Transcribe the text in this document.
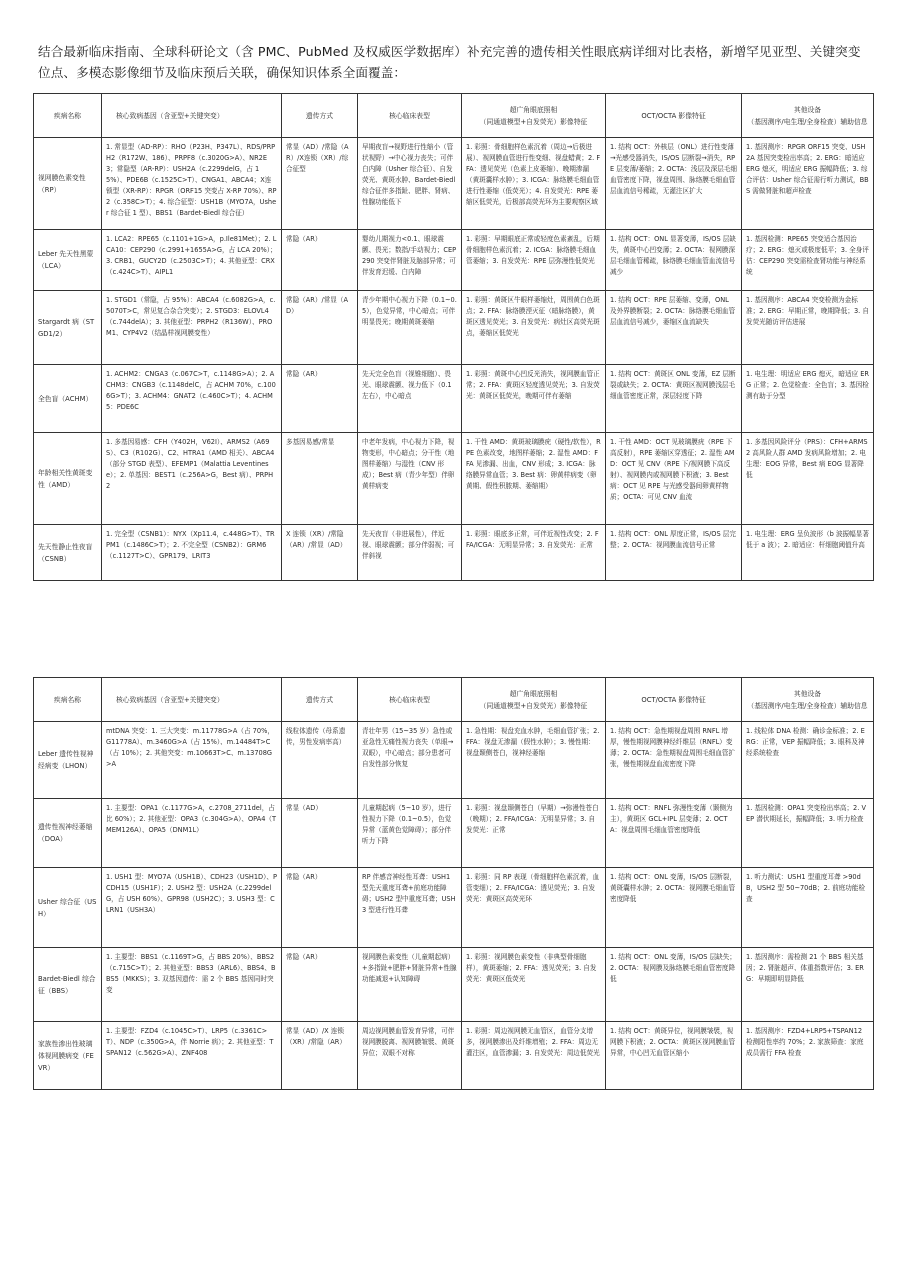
结合最新临床指南、全球科研论文（含 PMC、PubMed 及权威医学数据库）补充完善的遗传相关性眼底病详细对比表格，新增罕见亚型、关键突变位点、多模态影像细节及临床预后关联，确保知识体系全面覆盖：
疾病名称	核心致病基因（含亚型+关键突变）	遗传方式	核心临床表型	超广角眼底照相
（同通道模型+自发荧光）影像特征	OCT/OCTA 影像特征	其他设备
（基因测序/电生理/全身检查）辅助信息

视网膜色素变性（RP）	1. 常显型（AD-RP）：RHO（P23H、P347L）、RDS/PRPH2（R172W、186）、PRPF8（c.3020G>A）、NR2E3；常隐型（AR-RP）：USH2A（c.2299delG，占 15%）、PDE6B（c.1525C>T）、CNGA1、ABCA4；X连锁型（XR-RP）：RPGR（ORF15 突变占 X-RP 70%）、RP2（c.358C>T）；4. 综合征型：USH1B（MYO7A，Usher 综合征 1 型）、BBS1（Bardet-Biedl 综合征）	常显（AD）/常隐（AR）/X连锁（XR）/综合征型	早期夜盲→视野进行性缩小（管状视野）→中心视力丧失；可伴白内障（Usher 综合征）、自发荧光、黄斑水肿、Bardet-Biedl 综合征伴多指趾、肥胖、肾病、性腺功能低下	1. 彩照：骨细胞样色素沉着（周边→后极进展）、视网膜血管进行性变细、视盘蜡黄；2. FFA：透见荧光（色素上皮萎缩）、晚期渗漏（黄斑囊样水肿）；3. ICGA：脉络膜毛细血管进行性萎缩（低荧光）；4. 自发荧光：RPE 萎缩区低荧光，后极部高荧光环为主要观察区域	1. 结构 OCT：外核层（ONL）进行性变薄→光感受器消失，IS/OS 层断裂→消失，RPE 层变薄/萎缩；2. OCTA：浅层及深层毛细血管密度下降，视盘周围、脉络膜毛细血管层血流信号稀疏，无灌注区扩大	1. 基因测序：RPGR ORF15 突变、USH2A 基因突变检出率高；2. ERG：暗适应 ERG 熄灭，明适应 ERG 振幅降低；3. 综合评估：Usher 综合征需行听力测试，BBS 需做肾脏和超声检查
Leber 先天性黑蒙（LCA）	1. LCA2：RPE65（c.1101+1G>A，p.Ile81Met）；2. LCA10：CEP290（c.2991+1655A>G，占 LCA 20%）；3. CRB1、GUCY2D（c.2503C>T）；4. 其他亚型：CRX（c.424C>T）、AIPL1	常隐（AR）	婴幼儿期视力<0.1、眼球震颤、畏光；数指/手动视力；CEP290 突变伴肾脏及脑部异常；可伴发育迟缓、白内障	1. 彩照：早期眼底正常或轻度色素紊乱，后期骨细胞样色素沉着；2. ICGA：脉络膜毛细血管萎缩；3. 自发荧光：RPE 层弥漫性低荧光	1. 结构 OCT：ONL 显著变薄，IS/OS 层缺失，黄斑中心凹变薄；2. OCTA：视网膜深层毛细血管稀疏，脉络膜毛细血管血流信号减少	1. 基因检测：RPE65 突变适合基因治疗；2. ERG：熄灭或极度低平；3. 全身评估：CEP290 突变需检查肾功能与神经系统
Stargardt 病（STGD1/2）	1. STGD1（常隐，占 95%）：ABCA4（c.6082G>A，c.5070T>C，常见复合杂合突变）；2. STGD3：ELOVL4（c.744delA）；3. 其他亚型：PRPH2（R136W）、PROM1、CYP4V2（结晶样视网膜变性）	常隐（AR）/常显（AD）	青少年期中心视力下降（0.1~0.5），色觉异常，中心暗点；可伴明显畏光；晚期黄斑萎缩	1. 彩照：黄斑区牛眼样萎缩灶，周围黄白色斑点；2. FFA：脉络膜湮灭征（暗脉络膜），黄斑区透见荧光；3. 自发荧光：病灶区高荧光斑点，萎缩区低荧光	1. 结构 OCT：RPE 层萎缩、变薄，ONL 及外界膜断裂；2. OCTA：脉络膜毛细血管层血流信号减少，萎缩区血流缺失	1. 基因测序：ABCA4 突变检测为金标准；2. ERG：早期正常，晚期降低；3. 自发荧光随访评估进展
全色盲（ACHM）	1. ACHM2：CNGA3（c.067C>T，c.1148G>A）；2. ACHM3：CNGB3（c.1148delC，占 ACHM 70%，c.1006G>T）；3. ACHM4：GNAT2（c.460C>T）；4. ACHM5：PDE6C	常隐（AR）	先天完全色盲（视锥细胞）、畏光、眼球震颤、视力低下（0.1 左右），中心暗点	1. 彩照：黄斑中心凹反光消失，视网膜血管正常；2. FFA：黄斑区轻度透见荧光；3. 自发荧光：黄斑区低荧光，晚期可伴有萎缩	1. 结构 OCT：黄斑区 ONL 变薄，EZ 层断裂或缺失；2. OCTA：黄斑区视网膜浅层毛细血管密度正常，深层轻度下降	1. 电生理：明适应 ERG 熄灭，暗适应 ERG 正常；2. 色觉检查：全色盲；3. 基因检测有助于分型
年龄相关性黄斑变性（AMD）	1. 多基因易感：CFH（Y402H，V62I）、ARMS2（A69S）、C3（R102G）、C2、HTRA1（AMD 相关）、ABCA4（部分 STGD 表型）、EFEMP1（Malattia Leventinese）；2. 单基因：BEST1（c.256A>G，Best 病）、PRPH2	多基因易感/常显	中老年发病，中心视力下降，视物变形，中心暗点；分干性（地图样萎缩）与湿性（CNV 形成）；Best 病（青少年型）伴卵黄样病变	1. 干性 AMD：黄斑玻璃膜疣（硬性/软性），RPE 色素改变，地图样萎缩；2. 湿性 AMD：FFA 见渗漏、出血，CNV 形成；3. ICGA：脉络膜异常血管；3. Best 病：卵黄样病变（卵黄期、假性积脓期、萎缩期）	1. 干性 AMD：OCT 见玻璃膜疣（RPE 下高反射），RPE 萎缩区穿透征；2. 湿性 AMD：OCT 见 CNV（RPE 下/视网膜下高反射）、视网膜内或视网膜下积液；3. Best 病：OCT 见 RPE 与光感受器间卵黄样物质；OCTA：可见 CNV 血流	1. 多基因风险评分（PRS）：CFH+ARMS2 高风险人群 AMD 发病风险增加；2. 电生理：EOG 异常，Best 病 EOG 显著降低
先天性静止性夜盲（CSNB）	1. 完全型（CSNB1）：NYX（Xp11.4，c.448G>T）、TRPM1（c.1486C>T）；2. 不完全型（CSNB2）：GRM6（c.1127T>C）、GPR179、LRIT3	X 连锁（XR）/常隐（AR）/常显（AD）	先天夜盲（非进展性），伴近视、眼球震颤；部分伴弱视；可伴斜视	1. 彩照：眼底多正常，可伴近视性改变；2. FFA/ICGA：无明显异常；3. 自发荧光：正常	1. 结构 OCT：ONL 厚度正常，IS/OS 层完整；2. OCTA：视网膜血流信号正常	1. 电生理：ERG 呈负波形（b 波振幅显著低于 a 波）；2. 暗适应：杆细胞阈值升高
疾病名称	核心致病基因（含亚型+关键突变）	遗传方式	核心临床表型	超广角眼底照相
（同通道模型+自发荧光）影像特征	OCT/OCTA 影像特征	其他设备
（基因测序/电生理/全身检查）辅助信息

Leber 遗传性视神经病变（LHON）	mtDNA 突变：1. 三大突变：m.11778G>A（占 70%，G11778A）、m.3460G>A（占 15%）、m.14484T>C（占 10%）；2. 其他突变：m.10663T>C、m.13708G>A	线粒体遗传（母系遗传，男性发病率高）	青壮年男（15~35 岁）急性或亚急性无痛性视力丧失（单眼→双眼），中心暗点；部分患者可自发性部分恢复	1. 急性期：视盘充血水肿，毛细血管扩张；2. FFA：视盘无渗漏（假性水肿）；3. 慢性期：视盘颞侧苍白，视神经萎缩	1. 结构 OCT：急性期视盘周围 RNFL 增厚，慢性期视网膜神经纤维层（RNFL）变薄；2. OCTA：急性期视盘周围毛细血管扩张，慢性期视盘血流密度下降	1. 线粒体 DNA 检测：确诊金标准；2. ERG：正常，VEP 振幅降低；3. 眼科及神经系统检查
遗传性视神经萎缩（DOA）	1. 主要型：OPA1（c.1177G>A，c.2708_2711del，占比 60%）；2. 其他亚型：OPA3（c.304G>A）、OPA4（TMEM126A）、OPA5（DNM1L）	常显（AD）	儿童期起病（5~10 岁），进行性视力下降（0.1~0.5），色觉异常（蓝黄色觉障碍）；部分伴听力下降	1. 彩照：视盘颞侧苍白（早期）→弥漫性苍白（晚期）；2. FFA/ICGA：无明显异常；3. 自发荧光：正常	1. 结构 OCT：RNFL 弥漫性变薄（颞侧为主），黄斑区 GCL+IPL 层变薄；2. OCTA：视盘周围毛细血管密度降低	1. 基因检测：OPA1 突变检出率高；2. VEP 潜伏期延长，振幅降低；3. 听力检查
Usher 综合征（USH）	1. USH1 型：MYO7A（USH1B）、CDH23（USH1D）、PCDH15（USH1F）；2. USH2 型：USH2A（c.2299delG，占 USH 60%）、GPR98（USH2C）；3. USH3 型：CLRN1（USH3A）	常隐（AR）	RP 伴感音神经性耳聋：USH1 型先天重度耳聋+前庭功能障碍；USH2 型中重度耳聋；USH3 型进行性耳聋	1. 彩照：同 RP 表现（骨细胞样色素沉着，血管变细）；2. FFA/ICGA：透见荧光；3. 自发荧光：黄斑区高荧光环	1. 结构 OCT：ONL 变薄，IS/OS 层断裂，黄斑囊样水肿；2. OCTA：视网膜毛细血管密度降低	1. 听力测试：USH1 型重度耳聋 >90dB，USH2 型 50~70dB；2. 前庭功能检查
Bardet-Biedl 综合征（BBS）	1. 主要型：BBS1（c.1169T>G，占 BBS 20%）、BBS2（c.715C>T）；2. 其他亚型：BBS3（ARL6）、BBS4、BBS5（MKKS）；3. 双基因遗传：需 2 个 BBS 基因同时突变	常隐（AR）	视网膜色素变性（儿童期起病）+多指趾+肥胖+肾脏异常+性腺功能减退+认知障碍	1. 彩照：视网膜色素变性（非典型骨细胞样），黄斑萎缩；2. FFA：透见荧光；3. 自发荧光：黄斑区低荧光	1. 结构 OCT：ONL 变薄，IS/OS 层缺失；2. OCTA：视网膜及脉络膜毛细血管密度降低	1. 基因测序：需检测 21 个 BBS 相关基因；2. 肾脏超声、体重指数评估；3. ERG：早期即明显降低
家族性渗出性玻璃体视网膜病变（FEVR）	1. 主要型：FZD4（c.1045C>T）、LRP5（c.3361C>T）、NDP（c.350G>A，伴 Norrie 病）；2. 其他亚型：TSPAN12（c.562G>A）、ZNF408	常显（AD）/X 连锁（XR）/常隐（AR）	周边视网膜血管发育异常，可伴视网膜脱离、视网膜皱襞、黄斑异位；双眼不对称	1. 彩照：周边视网膜无血管区，血管分支增多，视网膜渗出及纤维增殖；2. FFA：周边无灌注区，血管渗漏；3. 自发荧光：周边低荧光	1. 结构 OCT：黄斑异位，视网膜皱襞，视网膜下积液；2. OCTA：黄斑区视网膜血管异常，中心凹无血管区缩小	1. 基因测序：FZD4+LRP5+TSPAN12 检测阳性率约 70%；2. 家族筛查：家庭成员需行 FFA 检查
